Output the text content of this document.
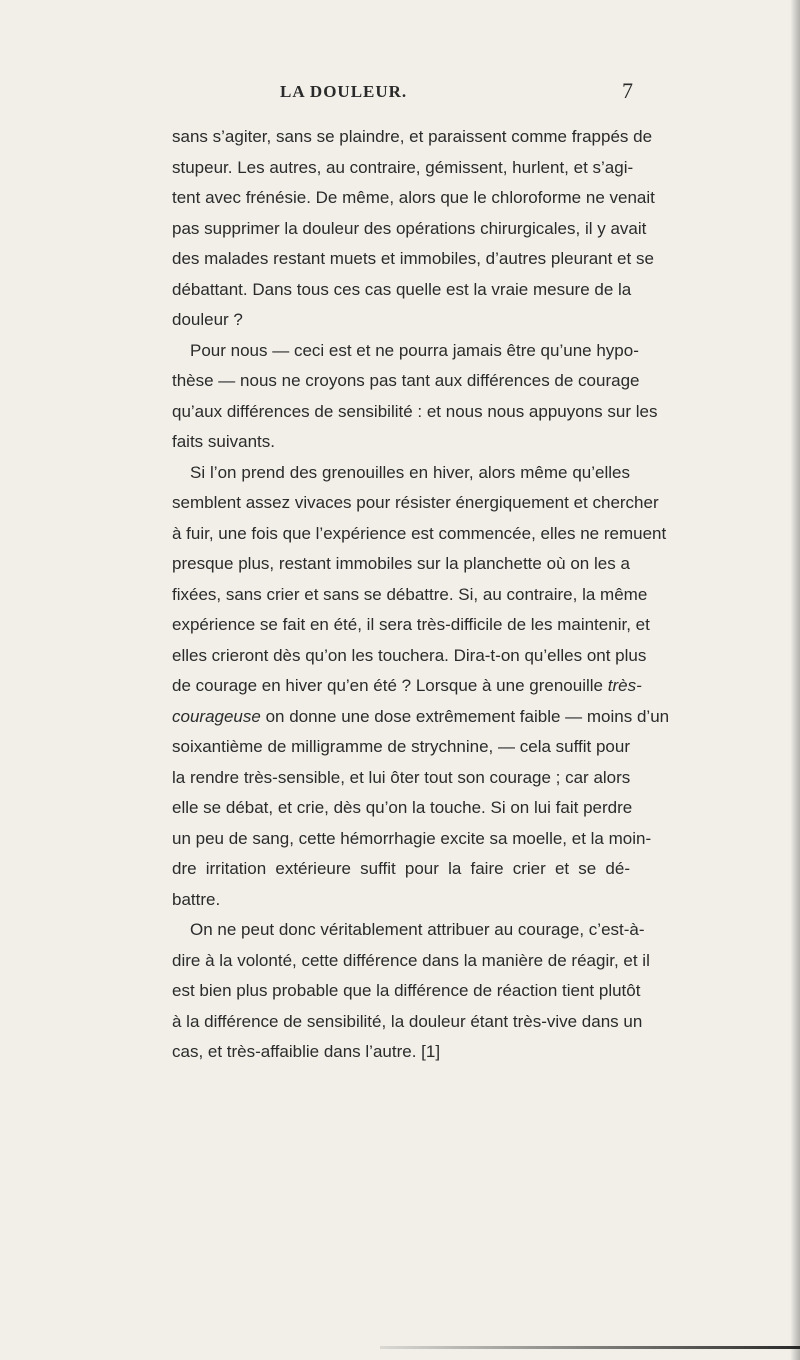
LA DOULEUR.	7
sans s’agiter, sans se plaindre, et paraissent comme frappés de
stupeur. Les autres, au contraire, gémissent, hurlent, et s’agi-
tent avec frénésie. De même, alors que le chloroforme ne venait
pas supprimer la douleur des opérations chirurgicales, il y avait
des malades restant muets et immobiles, d’autres pleurant et se
débattant. Dans tous ces cas quelle est la vraie mesure de la
douleur ?
Pour nous — ceci est et ne pourra jamais être qu’une hypo-
thèse — nous ne croyons pas tant aux différences de courage
qu’aux différences de sensibilité : et nous nous appuyons sur les
faits suivants.
Si l’on prend des grenouilles en hiver, alors même qu’elles
semblent assez vivaces pour résister énergiquement et chercher
à fuir, une fois que l’expérience est commencée, elles ne remuent
presque plus, restant immobiles sur la planchette où on les a
fixées, sans crier et sans se débattre. Si, au contraire, la même
expérience se fait en été, il sera très-difficile de les maintenir, et
elles crieront dès qu’on les touchera. Dira-t-on qu’elles ont plus
de courage en hiver qu’en été ? Lorsque à une grenouille très-
courageuse on donne une dose extrêmement faible — moins d’un
soixantième de milligramme de strychnine, — cela suffit pour
la rendre très-sensible, et lui ôter tout son courage ; car alors
elle se débat, et crie, dès qu’on la touche. Si on lui fait perdre
un peu de sang, cette hémorrhagie excite sa moelle, et la moin-
dre irritation extérieure suffit pour la faire crier et se dé-
battre.
On ne peut donc véritablement attribuer au courage, c’est-à-
dire à la volonté, cette différence dans la manière de réagir, et il
est bien plus probable que la différence de réaction tient plutôt
à la différence de sensibilité, la douleur étant très-vive dans un
cas, et très-affaiblie dans l’autre. [1]
